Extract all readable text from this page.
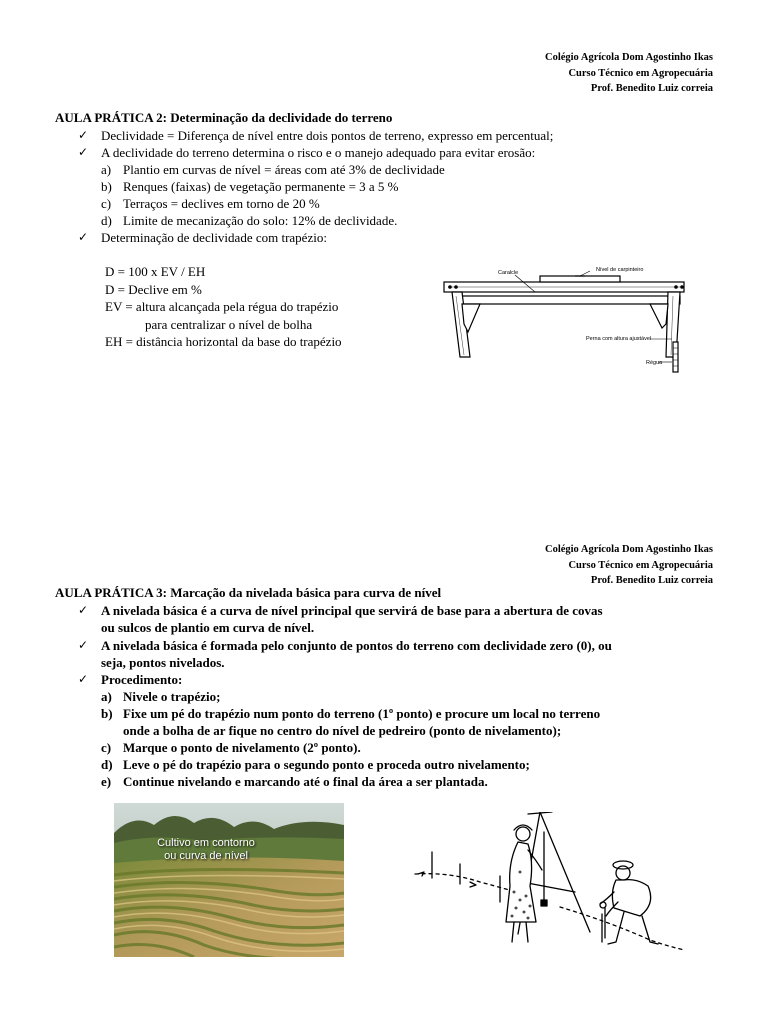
Colégio Agrícola Dom Agostinho Ikas
Curso Técnico em Agropecuária
Prof. Benedito Luiz correia
AULA PRÁTICA 2: Determinação da declividade do terreno
✓ Declividade = Diferença de nível entre dois pontos de terreno, expresso em percentual;
✓ A declividade do terreno determina o risco e o manejo adequado para evitar erosão:
a) Plantio em curvas de nível = áreas com até 3% de declividade
b) Renques (faixas) de vegetação permanente = 3 a 5 %
c) Terraços = declives em torno de 20 %
d) Limite de mecanização do solo: 12% de declividade.
✓ Determinação de declividade com trapézio:
D = 100 x EV / EH
D = Declive em %
EV = altura alcançada pela régua do trapézio
para centralizar o nível de bolha
EH = distância horizontal da base do trapézio
Caralcle	Nível de carpinteiro
Perna com altura ajustável
Régua
Colégio Agrícola Dom Agostinho Ikas
Curso Técnico em Agropecuária
Prof. Benedito Luiz correia
AULA PRÁTICA 3: Marcação da nivelada básica para curva de nível
✓ A nivelada básica é a curva de nível principal que servirá de base para a abertura de covas
ou sulcos de plantio em curva de nível.
✓ A nivelada básica é formada pelo conjunto de pontos do terreno com declividade zero (0), ou
seja, pontos nivelados.
✓ Procedimento:
a) Nivele o trapézio;
b) Fixe um pé do trapézio num ponto do terreno (1º ponto) e procure um local no terreno
onde a bolha de ar fique no centro do nível de pedreiro (ponto de nivelamento);
c) Marque o ponto de nivelamento (2º ponto).
d) Leve o pé do trapézio para o segundo ponto e proceda outro nivelamento;
e) Continue nivelando e marcando até o final da área a ser plantada.
Cultivo em contorno
ou curva de nível
